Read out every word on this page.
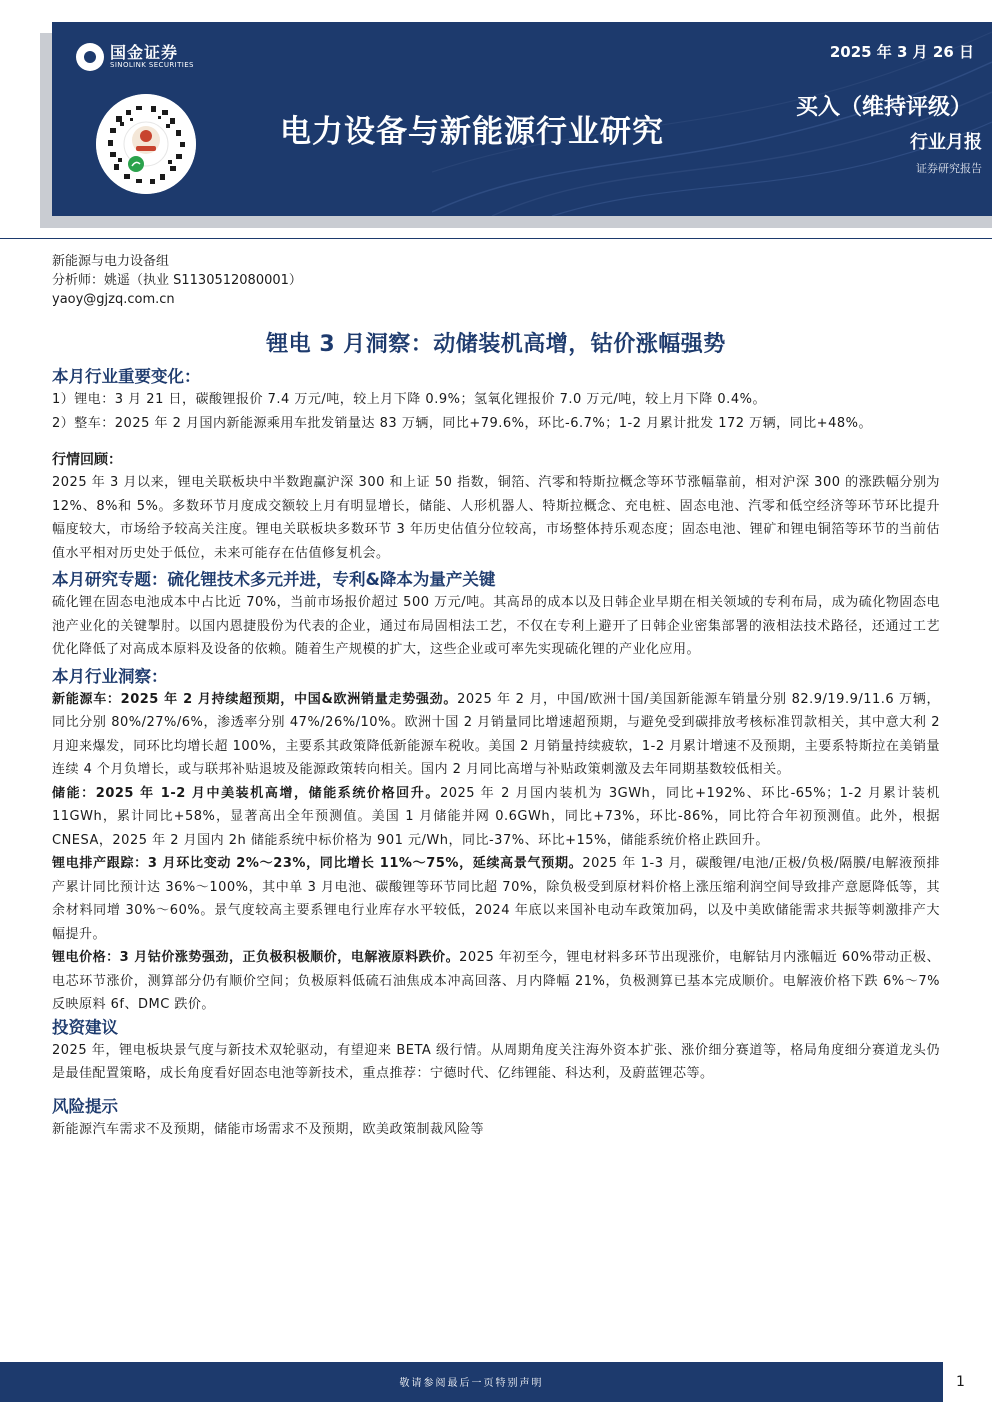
国金证券
SINOLINK SECURITIES
电力设备与新能源行业研究
2025 年 3 月 26 日
买入（维持评级）
行业月报
证券研究报告
新能源与电力设备组
分析师：姚遥（执业 S1130512080001）
yaoy@gjzq.com.cn
锂电 3 月洞察：动储装机高增，钴价涨幅强势
本月行业重要变化：
1）锂电：3 月 21 日，碳酸锂报价 7.4 万元/吨，较上月下降 0.9%；氢氧化锂报价 7.0 万元/吨，较上月下降 0.4%。
2）整车：2025 年 2 月国内新能源乘用车批发销量达 83 万辆，同比+79.6%，环比-6.7%；1-2 月累计批发 172 万辆，同比+48%。
行情回顾：
2025 年 3 月以来，锂电关联板块中半数跑赢沪深 300 和上证 50 指数，铜箔、汽零和特斯拉概念等环节涨幅靠前，相对沪深 300 的涨跌幅分别为 12%、8%和 5%。多数环节月度成交额较上月有明显增长，储能、人形机器人、特斯拉概念、充电桩、固态电池、汽零和低空经济等环节环比提升幅度较大，市场给予较高关注度。锂电关联板块多数环节 3 年历史估值分位较高，市场整体持乐观态度；固态电池、锂矿和锂电铜箔等环节的当前估值水平相对历史处于低位，未来可能存在估值修复机会。
本月研究专题：硫化锂技术多元并进，专利&降本为量产关键
硫化锂在固态电池成本中占比近 70%，当前市场报价超过 500 万元/吨。其高昂的成本以及日韩企业早期在相关领域的专利布局，成为硫化物固态电池产业化的关键掣肘。以国内恩捷股份为代表的企业，通过布局固相法工艺，不仅在专利上避开了日韩企业密集部署的液相法技术路径，还通过工艺优化降低了对高成本原料及设备的依赖。随着生产规模的扩大，这些企业或可率先实现硫化锂的产业化应用。
本月行业洞察：
新能源车：2025 年 2 月持续超预期，中国&欧洲销量走势强劲。2025 年 2 月，中国/欧洲十国/美国新能源车销量分别 82.9/19.9/11.6 万辆，同比分别 80%/27%/6%，渗透率分别 47%/26%/10%。欧洲十国 2 月销量同比增速超预期，与避免受到碳排放考核标准罚款相关，其中意大利 2 月迎来爆发，同环比均增长超 100%，主要系其政策降低新能源车税收。美国 2 月销量持续疲软，1-2 月累计增速不及预期，主要系特斯拉在美销量连续 4 个月负增长，或与联邦补贴退坡及能源政策转向相关。国内 2 月同比高增与补贴政策刺激及去年同期基数较低相关。
储能：2025 年 1-2 月中美装机高增，储能系统价格回升。2025 年 2 月国内装机为 3GWh，同比+192%、环比-65%；1-2 月累计装机 11GWh，累计同比+58%，显著高出全年预测值。美国 1 月储能并网 0.6GWh，同比+73%，环比-86%，同比符合年初预测值。此外，根据 CNESA，2025 年 2 月国内 2h 储能系统中标价格为 901 元/Wh，同比-37%、环比+15%，储能系统价格止跌回升。
锂电排产跟踪：3 月环比变动 2%～23%，同比增长 11%～75%，延续高景气预期。2025 年 1-3 月，碳酸锂/电池/正极/负极/隔膜/电解液预排产累计同比预计达 36%～100%，其中单 3 月电池、碳酸锂等环节同比超 70%，除负极受到原材料价格上涨压缩利润空间导致排产意愿降低等，其余材料同增 30%～60%。景气度较高主要系锂电行业库存水平较低，2024 年底以来国补电动车政策加码，以及中美欧储能需求共振等刺激排产大幅提升。
锂电价格：3 月钴价涨势强劲，正负极积极顺价，电解液原料跌价。2025 年初至今，锂电材料多环节出现涨价，电解钴月内涨幅近 60%带动正极、电芯环节涨价，测算部分仍有顺价空间；负极原料低硫石油焦成本冲高回落、月内降幅 21%，负极测算已基本完成顺价。电解液价格下跌 6%～7%反映原料 6f、DMC 跌价。
投资建议
2025 年，锂电板块景气度与新技术双轮驱动，有望迎来 BETA 级行情。从周期角度关注海外资本扩张、涨价细分赛道等，格局角度细分赛道龙头仍是最佳配置策略，成长角度看好固态电池等新技术，重点推荐：宁德时代、亿纬锂能、科达利，及蔚蓝锂芯等。
风险提示
新能源汽车需求不及预期，储能市场需求不及预期，欧美政策制裁风险等
敬请参阅最后一页特别声明	1
